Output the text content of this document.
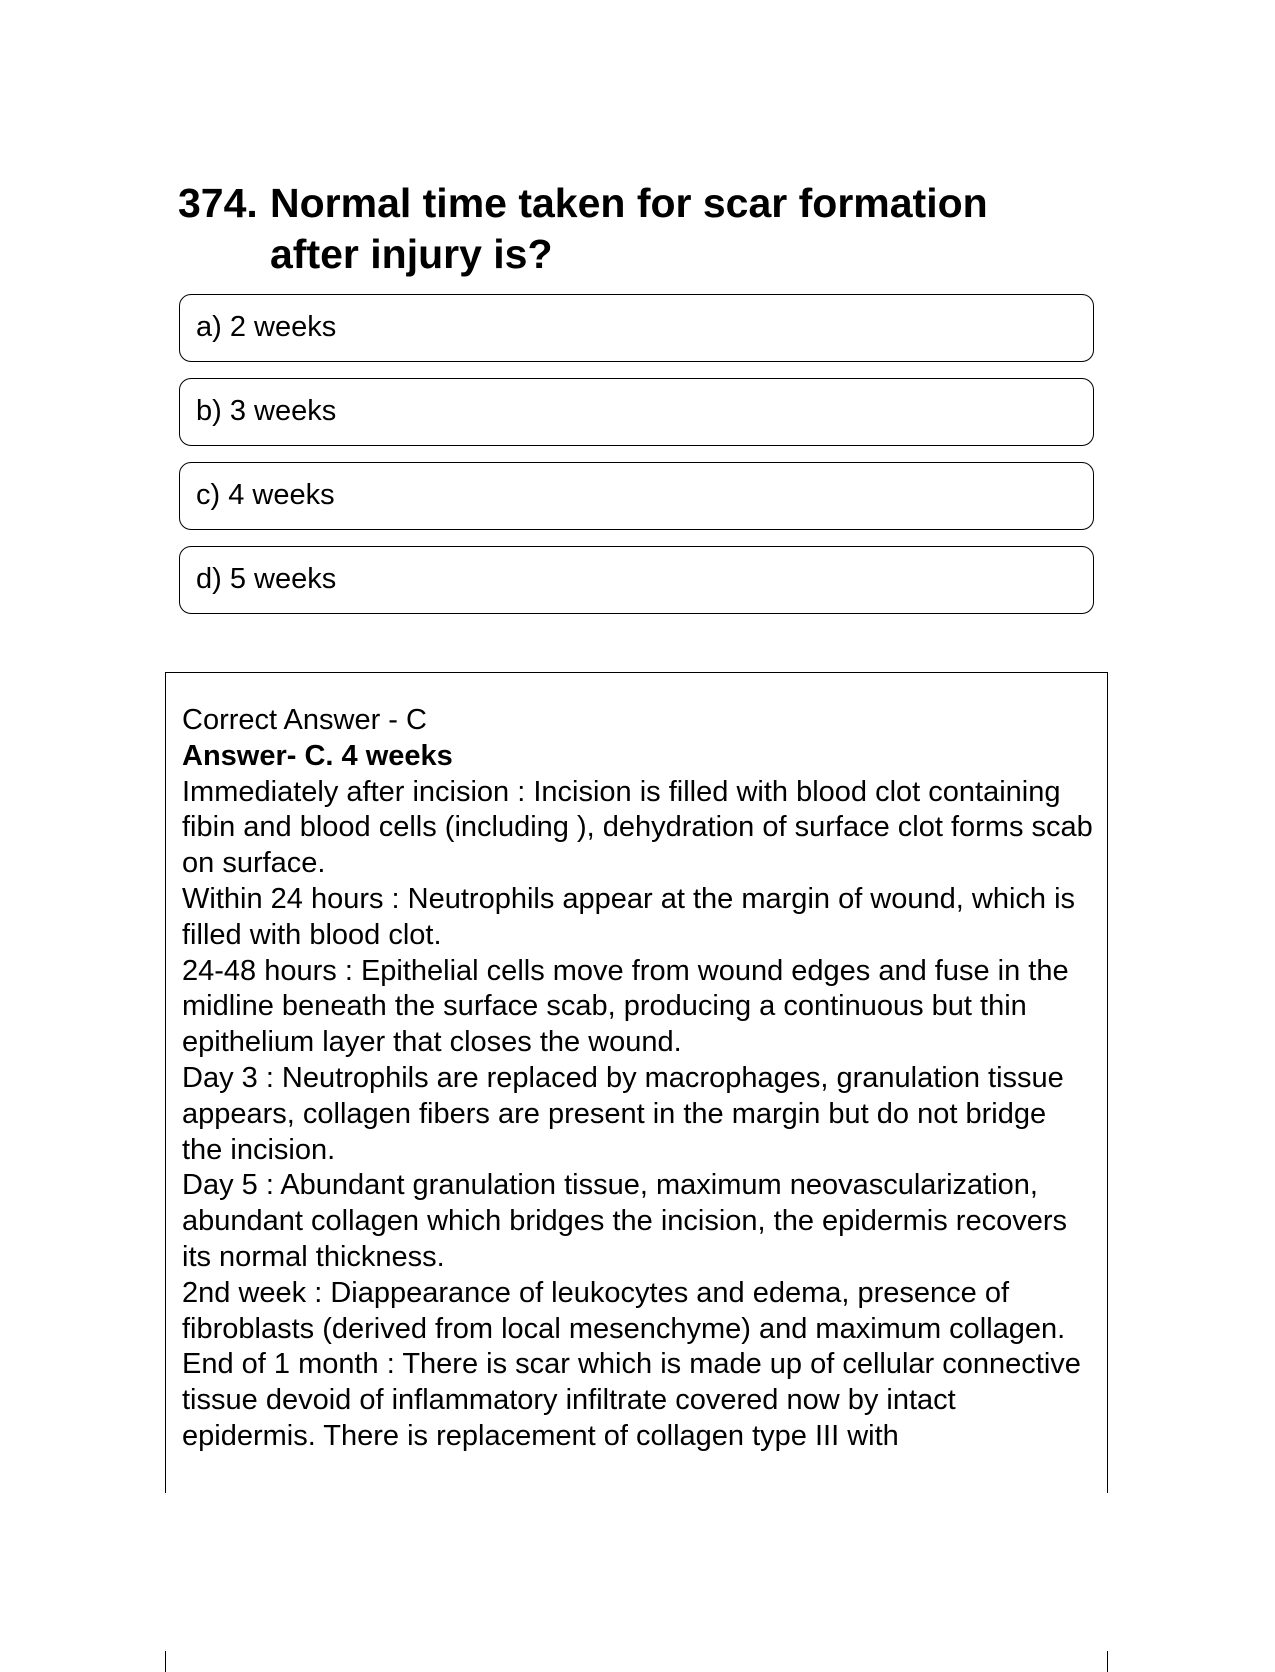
374. Normal time taken for scar formation after injury is?
a) 2 weeks
b) 3 weeks
c) 4 weeks
d) 5 weeks
Correct Answer - C
Answer- C. 4 weeks
Immediately after incision : Incision is filled with blood clot containing fibin and blood cells (including ), dehydration of surface clot forms scab on surface.
Within 24 hours : Neutrophils appear at the margin of wound, which is filled with blood clot.
24-48 hours : Epithelial cells move from wound edges and fuse in the midline beneath the surface scab, producing a continuous but thin epithelium layer that closes the wound.
Day 3 : Neutrophils are replaced by macrophages, granulation tissue appears, collagen fibers are present in the margin but do not bridge the incision.
Day 5 : Abundant granulation tissue, maximum neovascularization, abundant collagen which bridges the incision, the epidermis recovers its normal thickness.
2nd week : Diappearance of leukocytes and edema, presence of fibroblasts (derived from local mesenchyme) and maximum collagen.
End of 1 month : There is scar which is made up of cellular connective tissue devoid of inflammatory infiltrate covered now by intact epidermis. There is replacement of collagen type III with
